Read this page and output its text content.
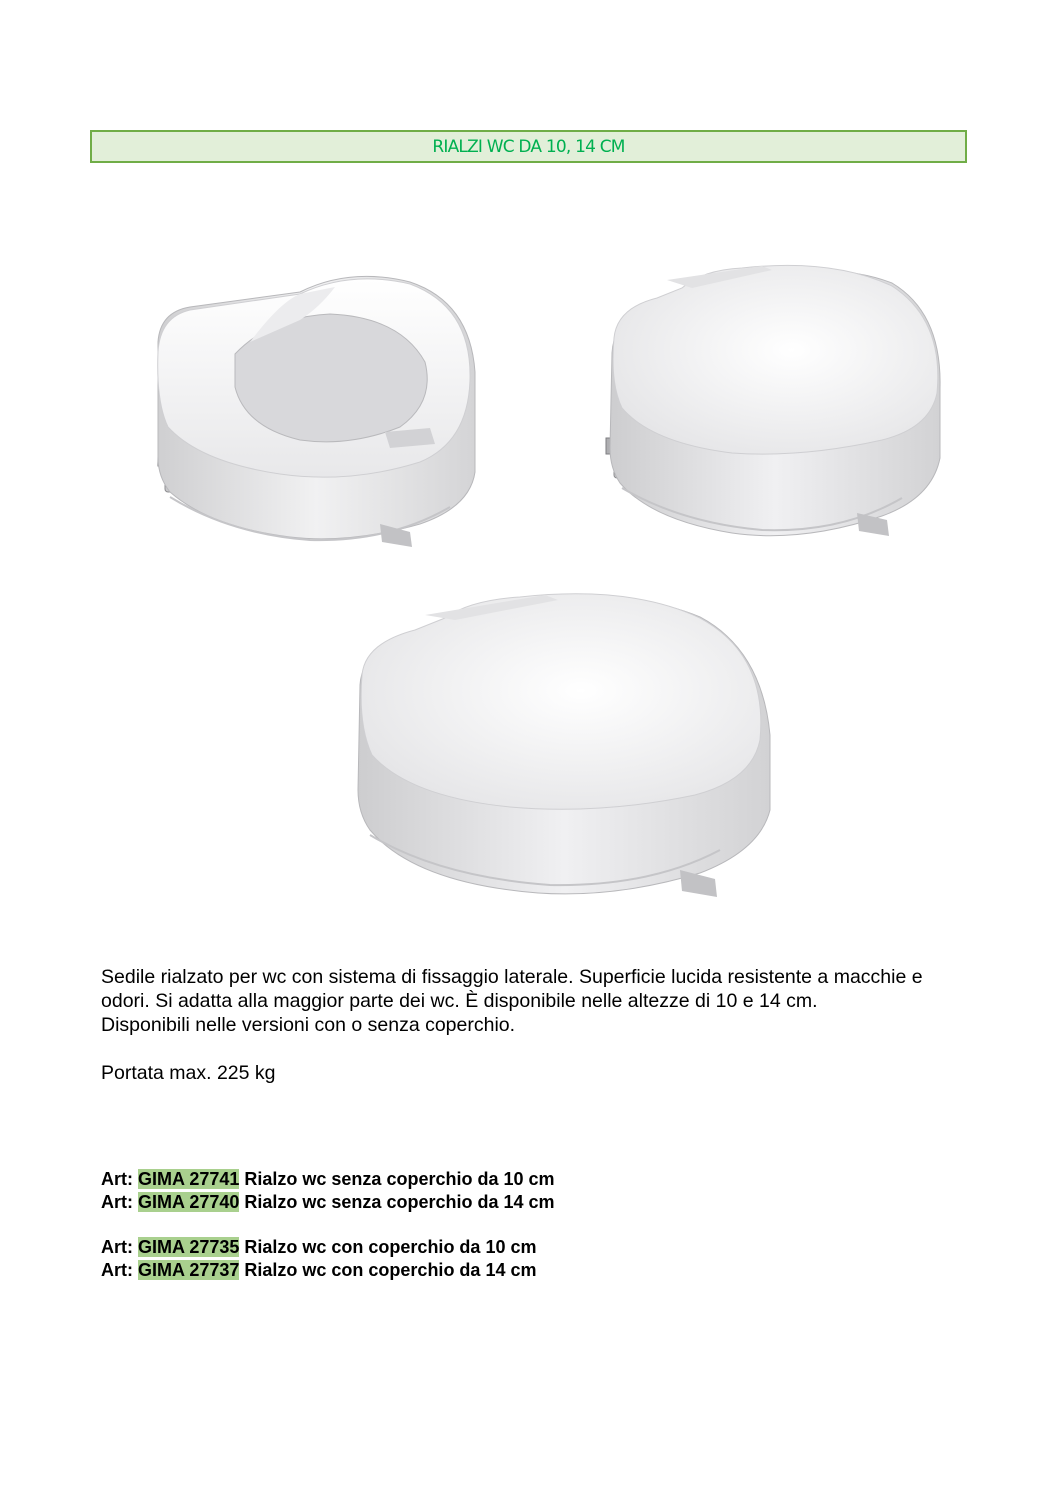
RIALZI WC DA 10, 14 CM

Sedile rialzato per wc con sistema di fissaggio laterale. Superficie lucida resistente a macchie e odori. Si adatta alla maggior parte dei wc. È disponibile nelle altezze di 10 e 14 cm.

Disponibili nelle versioni con o senza coperchio.

Portata max. 225 kg

Art: GIMA 27741 Rialzo wc senza coperchio da 10 cm
Art: GIMA 27740 Rialzo wc senza coperchio da 14 cm
Art: GIMA 27735 Rialzo wc con coperchio da 10 cm
Art: GIMA 27737 Rialzo wc con coperchio da 14 cm
